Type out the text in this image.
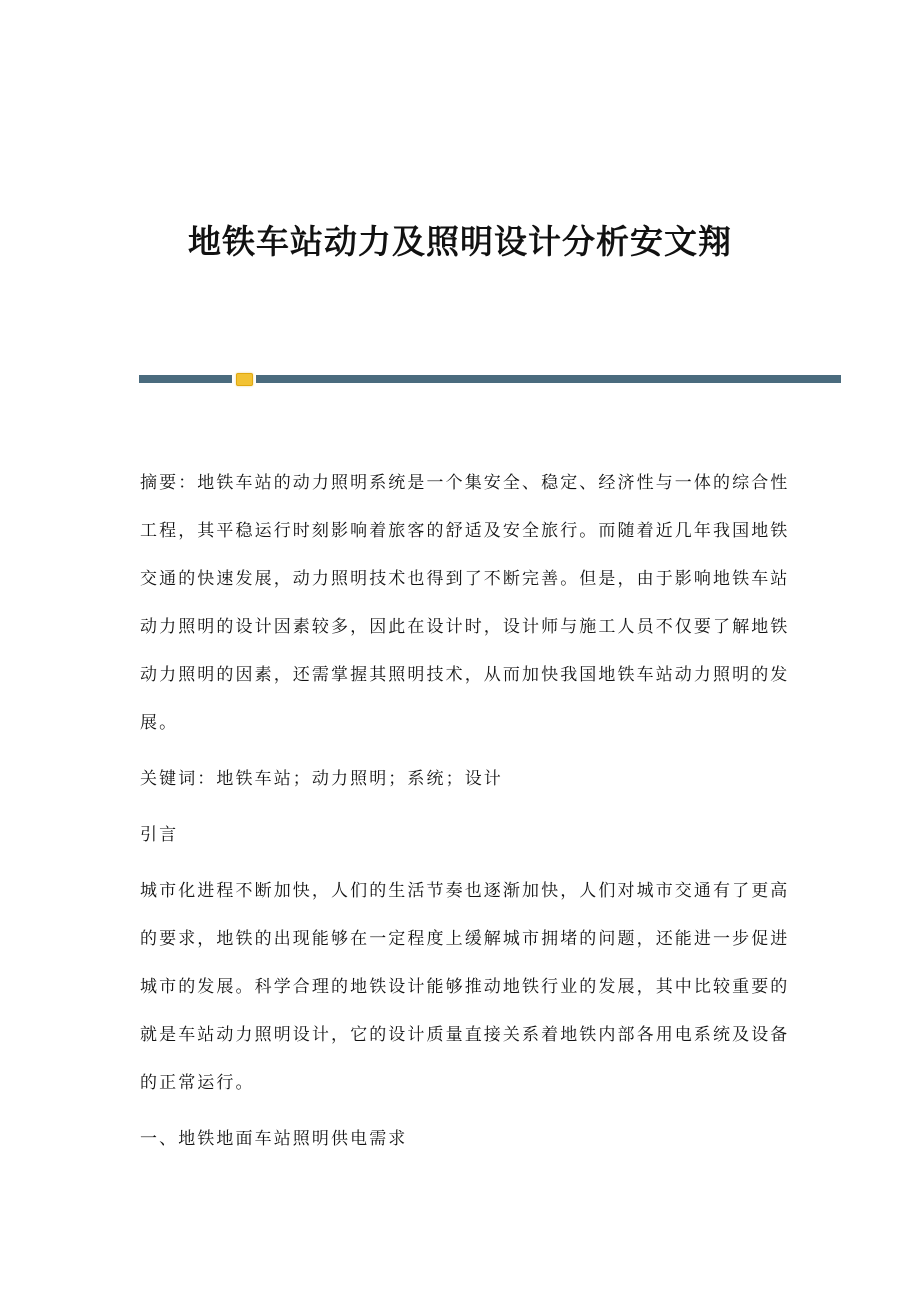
地铁车站动力及照明设计分析安文翔
摘要：地铁车站的动力照明系统是一个集安全、稳定、经济性与一体的综合性
工程，其平稳运行时刻影响着旅客的舒适及安全旅行。而随着近几年我国地铁
交通的快速发展，动力照明技术也得到了不断完善。但是，由于影响地铁车站
动力照明的设计因素较多，因此在设计时，设计师与施工人员不仅要了解地铁
动力照明的因素，还需掌握其照明技术，从而加快我国地铁车站动力照明的发
展。
关键词：地铁车站；动力照明；系统；设计
引言
城市化进程不断加快，人们的生活节奏也逐渐加快，人们对城市交通有了更高
的要求，地铁的出现能够在一定程度上缓解城市拥堵的问题，还能进一步促进
城市的发展。科学合理的地铁设计能够推动地铁行业的发展，其中比较重要的
就是车站动力照明设计，它的设计质量直接关系着地铁内部各用电系统及设备
的正常运行。
一、地铁地面车站照明供电需求
